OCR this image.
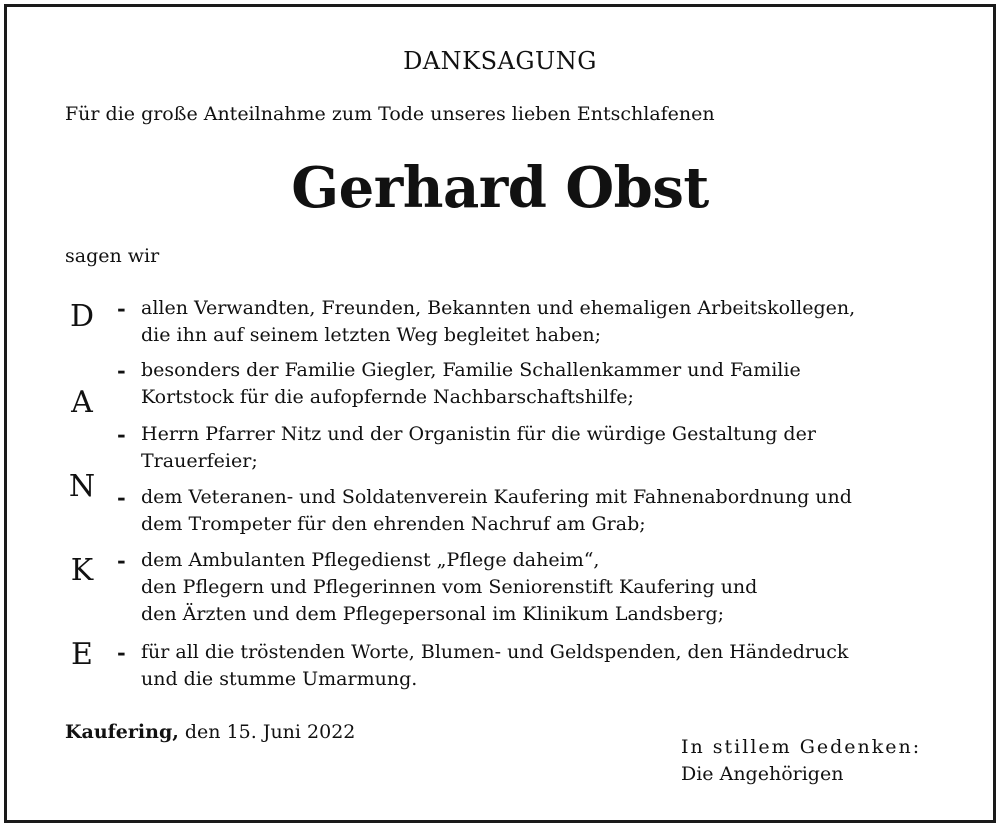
DANKSAGUNG
Für die große Anteilnahme zum Tode unseres lieben Entschlafenen
Gerhard Obst
sagen wir
D
A
N
K
E
- allen Verwandten, Freunden, Bekannten und ehemaligen Arbeitskollegen,
die ihn auf seinem letzten Weg begleitet haben;
- besonders der Familie Giegler, Familie Schallenkammer und Familie
Kortstock für die aufopfernde Nachbarschaftshilfe;
- Herrn Pfarrer Nitz und der Organistin für die würdige Gestaltung der
Trauerfeier;
- dem Veteranen- und Soldatenverein Kaufering mit Fahnenabordnung und
dem Trompeter für den ehrenden Nachruf am Grab;
- dem Ambulanten Pflegedienst „Pflege daheim“,
den Pflegern und Pflegerinnen vom Seniorenstift Kaufering und
den Ärzten und dem Pflegepersonal im Klinikum Landsberg;
- für all die tröstenden Worte, Blumen- und Geldspenden, den Händedruck
und die stumme Umarmung.
Kaufering, den 15. Juni 2022
In stillem Gedenken:
Die Angehörigen
